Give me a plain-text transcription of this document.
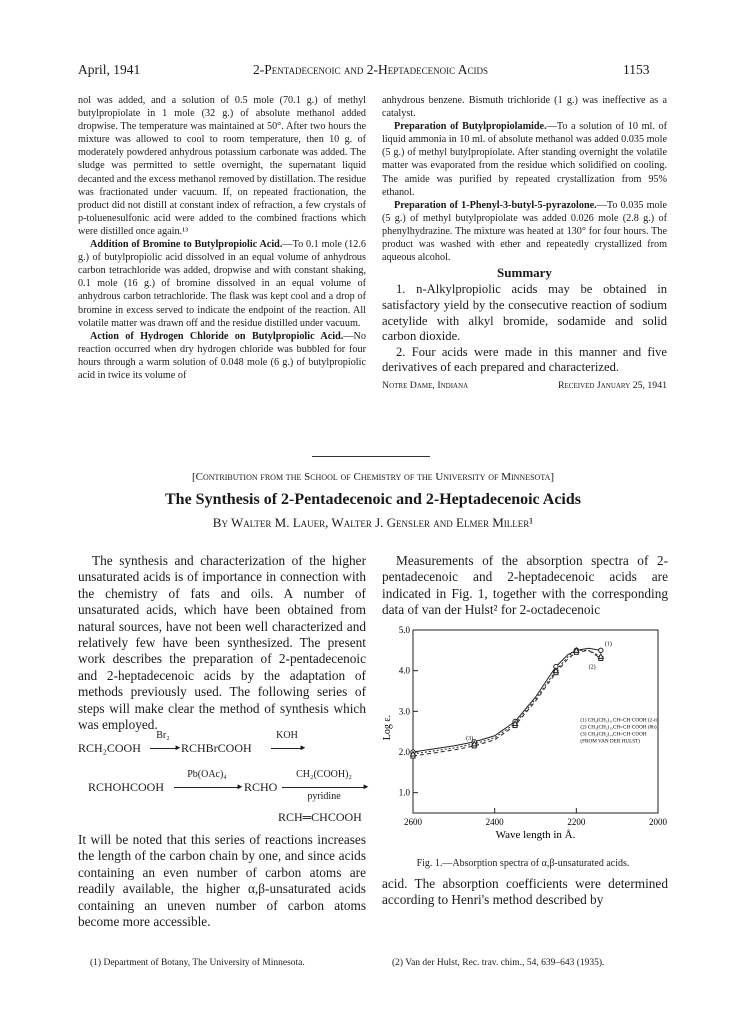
April, 1941	2-Pentadecenoic and 2-Heptadecenoic Acids	1153

nol was added, and a solution of 0.5 mole (70.1 g.) of methyl butylpropiolate in 1 mole (32 g.) of absolute methanol added dropwise. The temperature was maintained at 50°. After two hours the mixture was allowed to cool to room temperature, then 10 g. of moderately powdered anhydrous potassium carbonate was added. The sludge was permitted to settle overnight, the supernatant liquid decanted and the excess methanol removed by distillation. The residue was fractionated under vacuum. If, on repeated fractionation, the product did not distill at constant index of refraction, a few crystals of p-toluenesulfonic acid were added to the combined fractions which were distilled once again.¹³

Addition of Bromine to Butylpropiolic Acid.—To 0.1 mole (12.6 g.) of butylpropiolic acid dissolved in an equal volume of anhydrous carbon tetrachloride was added, dropwise and with constant shaking, 0.1 mole (16 g.) of bromine dissolved in an equal volume of anhydrous carbon tetrachloride. The flask was kept cool and a drop of bromine in excess served to indicate the endpoint of the reaction. All volatile matter was drawn off and the residue distilled under vacuum.

Action of Hydrogen Chloride on Butylpropiolic Acid.—No reaction occurred when dry hydrogen chloride was bubbled for four hours through a warm solution of 0.048 mole (6 g.) of butylpropiolic acid in twice its volume of

anhydrous benzene. Bismuth trichloride (1 g.) was ineffective as a catalyst.

Preparation of Butylpropiolamide.—To a solution of 10 ml. of liquid ammonia in 10 ml. of absolute methanol was added 0.035 mole (5 g.) of methyl butylpropiolate. After standing overnight the volatile matter was evaporated from the residue which solidified on cooling. The amide was purified by repeated crystallization from 95% ethanol.

Preparation of 1-Phenyl-3-butyl-5-pyrazolone.—To 0.035 mole (5 g.) of methyl butylpropiolate was added 0.026 mole (2.8 g.) of phenylhydrazine. The mixture was heated at 130° for four hours. The product was washed with ether and repeatedly crystallized from aqueous alcohol.

Summary

1. n-Alkylpropiolic acids may be obtained in satisfactory yield by the consecutive reaction of sodium acetylide with alkyl bromide, sodamide and solid carbon dioxide.

2. Four acids were made in this manner and five derivatives of each prepared and characterized.

Notre Dame, Indiana	Received January 25, 1941
[Contribution from the School of Chemistry of the University of Minnesota]
The Synthesis of 2-Pentadecenoic and 2-Heptadecenoic Acids
By Walter M. Lauer, Walter J. Gensler and Elmer Miller¹

The synthesis and characterization of the higher unsaturated acids is of importance in connection with the chemistry of fats and oils. A number of unsaturated acids, which have been obtained from natural sources, have not been well characterized and relatively few have been synthesized. The present work describes the preparation of 2-pentadecenoic and 2-heptadecenoic acids by the adaptation of methods previously used. The following series of steps will make clear the method of synthesis which was employed.

RCH₂COOH
Br₂
► RCHBrCOOH
KOH
►
RCHOHCOOH
Pb(OAc)₄
► RCHO
CH₂(COOH)₂
►
pyridine
RCH═CHCOOH

It will be noted that this series of reactions increases the length of the carbon chain by one, and since acids containing an even number of carbon atoms are readily available, the higher α,β-unsaturated acids containing an uneven number of carbon atoms become more accessible.

(1) Department of Botany, The University of Minnesota.

Measurements of the absorption spectra of 2-pentadecenoic and 2-heptadecenoic acids are indicated in Fig. 1, together with the corresponding data of van der Hulst² for 2-octadecenoic

1.0
2.0
3.0
4.0
5.0
2600	2400	2200	2000
Wave length in Å.
Log ε.
(1)
(2)
(3)
(1) CH₃(CH₂)₁₁CH=CH·COOH (2-ii)
(2) CH₃(CH₂)₁₃CH=CH·COOH (8b)
(3) CH₃(CH₂)₁₄CH=CH·COOH
(FROM VAN DER HULST)
Fig. 1.—Absorption spectra of α,β-unsaturated acids.

acid. The absorption coefficients were determined according to Henri's method described by

(2) Van der Hulst, Rec. trav. chim., 54, 639–643 (1935).
